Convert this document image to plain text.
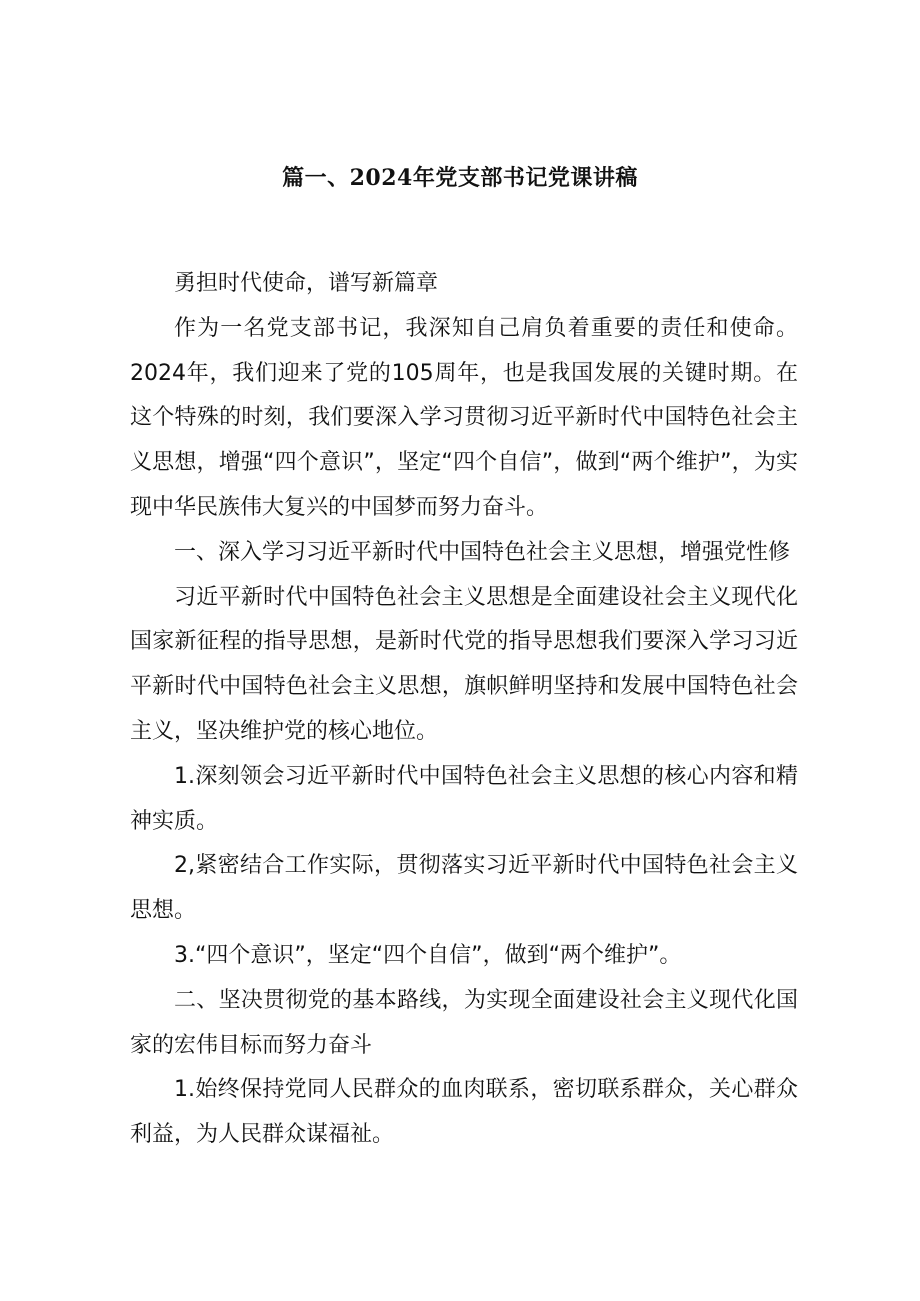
篇一、2024年党支部书记党课讲稿

勇担时代使命，谱写新篇章

作为一名党支部书记，我深知自己肩负着重要的责任和使命。2024年，我们迎来了党的105周年，也是我国发展的关键时期。在这个特殊的时刻，我们要深入学习贯彻习近平新时代中国特色社会主义思想，增强“四个意识”，坚定“四个自信”，做到“两个维护”，为实现中华民族伟大复兴的中国梦而努力奋斗。

一、深入学习习近平新时代中国特色社会主义思想，增强党性修

习近平新时代中国特色社会主义思想是全面建设社会主义现代化国家新征程的指导思想，是新时代党的指导思想我们要深入学习习近平新时代中国特色社会主义思想，旗帜鲜明坚持和发展中国特色社会主义，坚决维护党的核心地位。

1.深刻领会习近平新时代中国特色社会主义思想的核心内容和精神实质。

2,紧密结合工作实际，贯彻落实习近平新时代中国特色社会主义思想。

3.“四个意识”，坚定“四个自信”，做到“两个维护”。

二、坚决贯彻党的基本路线，为实现全面建设社会主义现代化国家的宏伟目标而努力奋斗

1.始终保持党同人民群众的血肉联系，密切联系群众，关心群众利益，为人民群众谋福祉。
